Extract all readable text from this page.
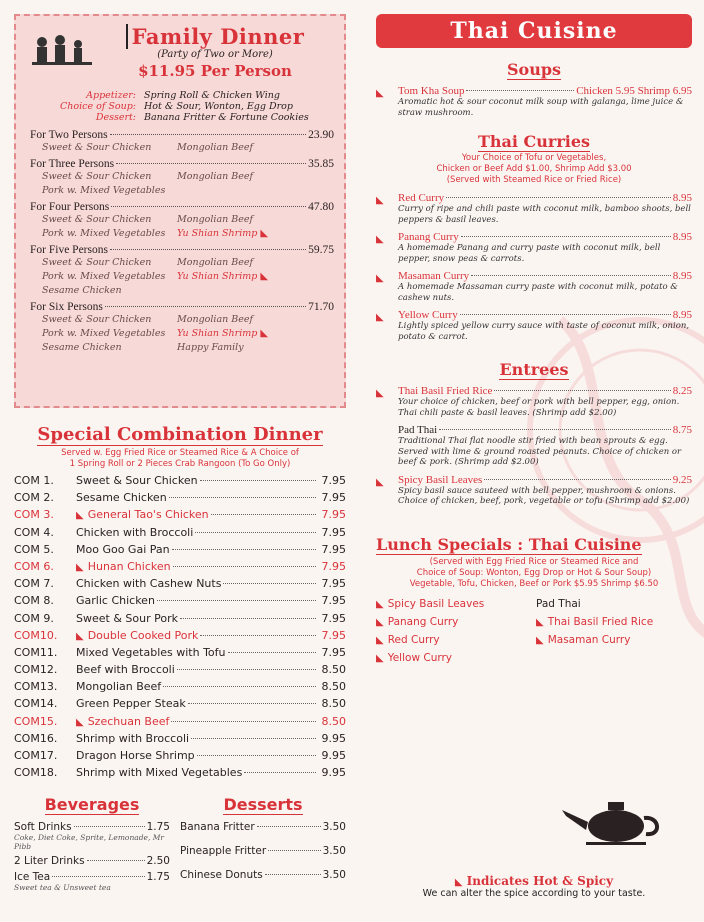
Family Dinner
(Party of Two or More)
$11.95 Per Person
Appetizer: Spring Roll & Chicken Wing
Choice of Soup: Hot & Sour, Wonton, Egg Drop
Dessert: Banana Fritter & Fortune Cookies
For Two Persons	23.90
Sweet & Sour Chicken	Mongolian Beef
For Three Persons	35.85
Sweet & Sour Chicken	Mongolian Beef
Pork w. Mixed Vegetables
For Four Persons	47.80
Sweet & Sour Chicken	Mongolian Beef
Pork w. Mixed Vegetables	Yu Shian Shrimp ◣
For Five Persons	59.75
Sweet & Sour Chicken	Mongolian Beef
Pork w. Mixed Vegetables	Yu Shian Shrimp ◣
Sesame Chicken
For Six Persons	71.70
Sweet & Sour Chicken	Mongolian Beef
Pork w. Mixed Vegetables	Yu Shian Shrimp ◣
Sesame Chicken	Happy Family
Special Combination Dinner
Served w. Egg Fried Rice or Steamed Rice & A Choice of
1 Spring Roll or 2 Pieces Crab Rangoon (To Go Only)
COM 1.	Sweet & Sour Chicken	7.95
COM 2.	Sesame Chicken	7.95
COM 3.	◣ General Tao's Chicken	7.95
COM 4.	Chicken with Broccoli	7.95
COM 5.	Moo Goo Gai Pan	7.95
COM 6.	◣ Hunan Chicken	7.95
COM 7.	Chicken with Cashew Nuts	7.95
COM 8.	Garlic Chicken	7.95
COM 9.	Sweet & Sour Pork	7.95
COM10.	◣ Double Cooked Pork	7.95
COM11.	Mixed Vegetables with Tofu	7.95
COM12.	Beef with Broccoli	8.50
COM13.	Mongolian Beef	8.50
COM14.	Green Pepper Steak	8.50
COM15.	◣ Szechuan Beef	8.50
COM16.	Shrimp with Broccoli	9.95
COM17.	Dragon Horse Shrimp	9.95
COM18.	Shrimp with Mixed Vegetables	9.95
Beverages
Soft Drinks	1.75
Coke, Diet Coke, Sprite, Lemonade, Mr Pibb
2 Liter Drinks	2.50
Ice Tea	1.75
Sweet tea & Unsweet tea
Desserts
Banana Fritter	3.50
Pineapple Fritter	3.50
Chinese Donuts	3.50
Thai Cuisine
Soups
◣	Tom Kha Soup	Chicken 5.95 Shrimp 6.95
Aromatic hot & sour coconut milk soup with galanga, lime juice & straw mushroom.
Thai Curries
Your Choice of Tofu or Vegetables,
Chicken or Beef Add $1.00, Shrimp Add $3.00
(Served with Steamed Rice or Fried Rice)
◣	Red Curry	8.95
Curry of ripe and chili paste with coconut milk, bamboo shoots, bell peppers & basil leaves.
◣	Panang Curry	8.95
A homemade Panang and curry paste with coconut milk, bell pepper, snow peas & carrots.
◣	Masaman Curry	8.95
A homemade Massaman curry paste with coconut milk, potato & cashew nuts.
◣	Yellow Curry	8.95
Lightly spiced yellow curry sauce with taste of coconut milk, onion, potato & carrot.
Entrees
◣	Thai Basil Fried Rice	8.25
Your choice of chicken, beef or pork with bell pepper, egg, onion. Thai chili paste & basil leaves. (Shrimp add $2.00)
Pad Thai	8.75
Traditional Thai flat noodle stir fried with bean sprouts & egg. Served with lime & ground roasted peanuts. Choice of chicken or beef & pork. (Shrimp add $2.00)
◣	Spicy Basil Leaves	9.25
Spicy basil sauce sauteed with bell pepper, mushroom & onions. Choice of chicken, beef, pork, vegetable or tofu (Shrimp add $2.00)
Lunch Specials : Thai Cuisine
(Served with Egg Fried Rice or Steamed Rice and
Choice of Soup: Wonton, Egg Drop or Hot & Sour Soup)
Vegetable, Tofu, Chicken, Beef or Pork $5.95 Shrimp $6.50
◣ Spicy Basil Leaves	Pad Thai
◣ Panang Curry	◣ Thai Basil Fried Rice
◣ Red Curry	◣ Masaman Curry
◣ Yellow Curry
◣ Indicates Hot & Spicy
We can alter the spice according to your taste.
